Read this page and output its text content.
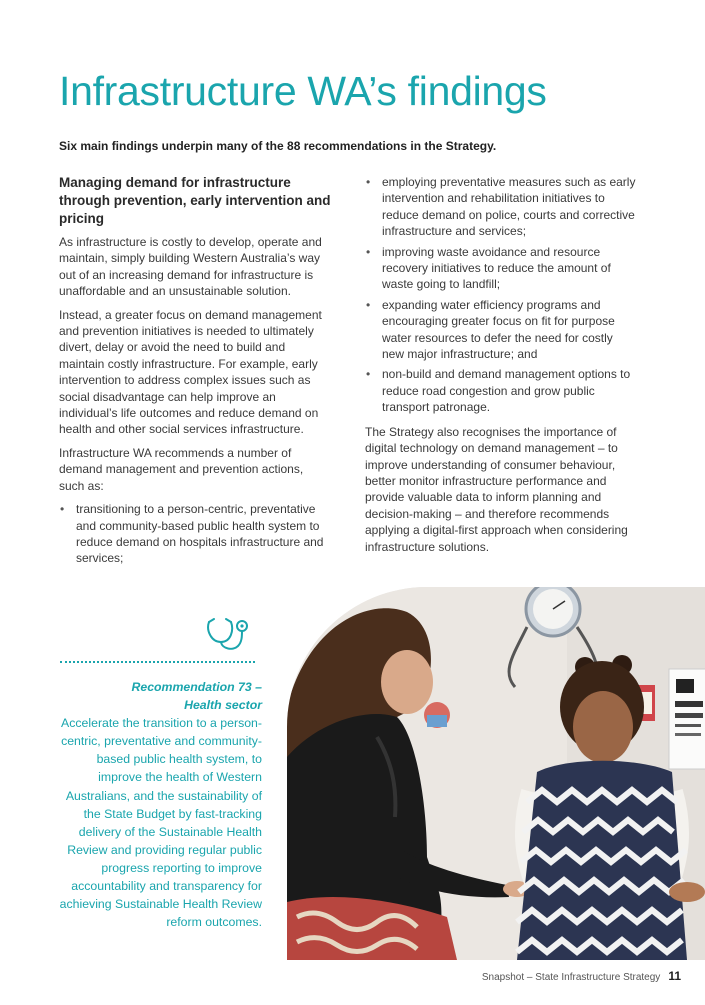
Infrastructure WA’s findings

Six main findings underpin many of the 88 recommendations in the Strategy.

Managing demand for infrastructure through prevention, early intervention and pricing

As infrastructure is costly to develop, operate and maintain, simply building Western Australia’s way out of an increasing demand for infrastructure is unaffordable and an unsustainable solution.

Instead, a greater focus on demand management and prevention initiatives is needed to ultimately divert, delay or avoid the need to build and maintain costly infrastructure. For example, early intervention to address complex issues such as social disadvantage can help improve an individual’s life outcomes and reduce demand on health and other social services infrastructure.

Infrastructure WA recommends a number of demand management and prevention actions, such as:

• transitioning to a person-centric, preventative and community-based public health system to reduce demand on hospitals infrastructure and services;
• employing preventative measures such as early intervention and rehabilitation initiatives to reduce demand on police, courts and corrective infrastructure and services;
• improving waste avoidance and resource recovery initiatives to reduce the amount of waste going to landfill;
• expanding water efficiency programs and encouraging greater focus on fit for purpose water resources to defer the need for costly new major infrastructure; and
• non-build and demand management options to reduce road congestion and grow public transport patronage.

The Strategy also recognises the importance of digital technology on demand management – to improve understanding of consumer behaviour, better monitor infrastructure performance and provide valuable data to inform planning and decision-making – and therefore recommends applying a digital-first approach when considering infrastructure solutions.

Recommendation 73 –
Health sector

Accelerate the transition to a person-centric, preventative and community-based public health system, to improve the health of Western Australians, and the sustainability of the State Budget by fast-tracking delivery of the Sustainable Health Review and providing regular public progress reporting to improve accountability and transparency for achieving Sustainable Health Review reform outcomes.

Snapshot – State Infrastructure Strategy 11
